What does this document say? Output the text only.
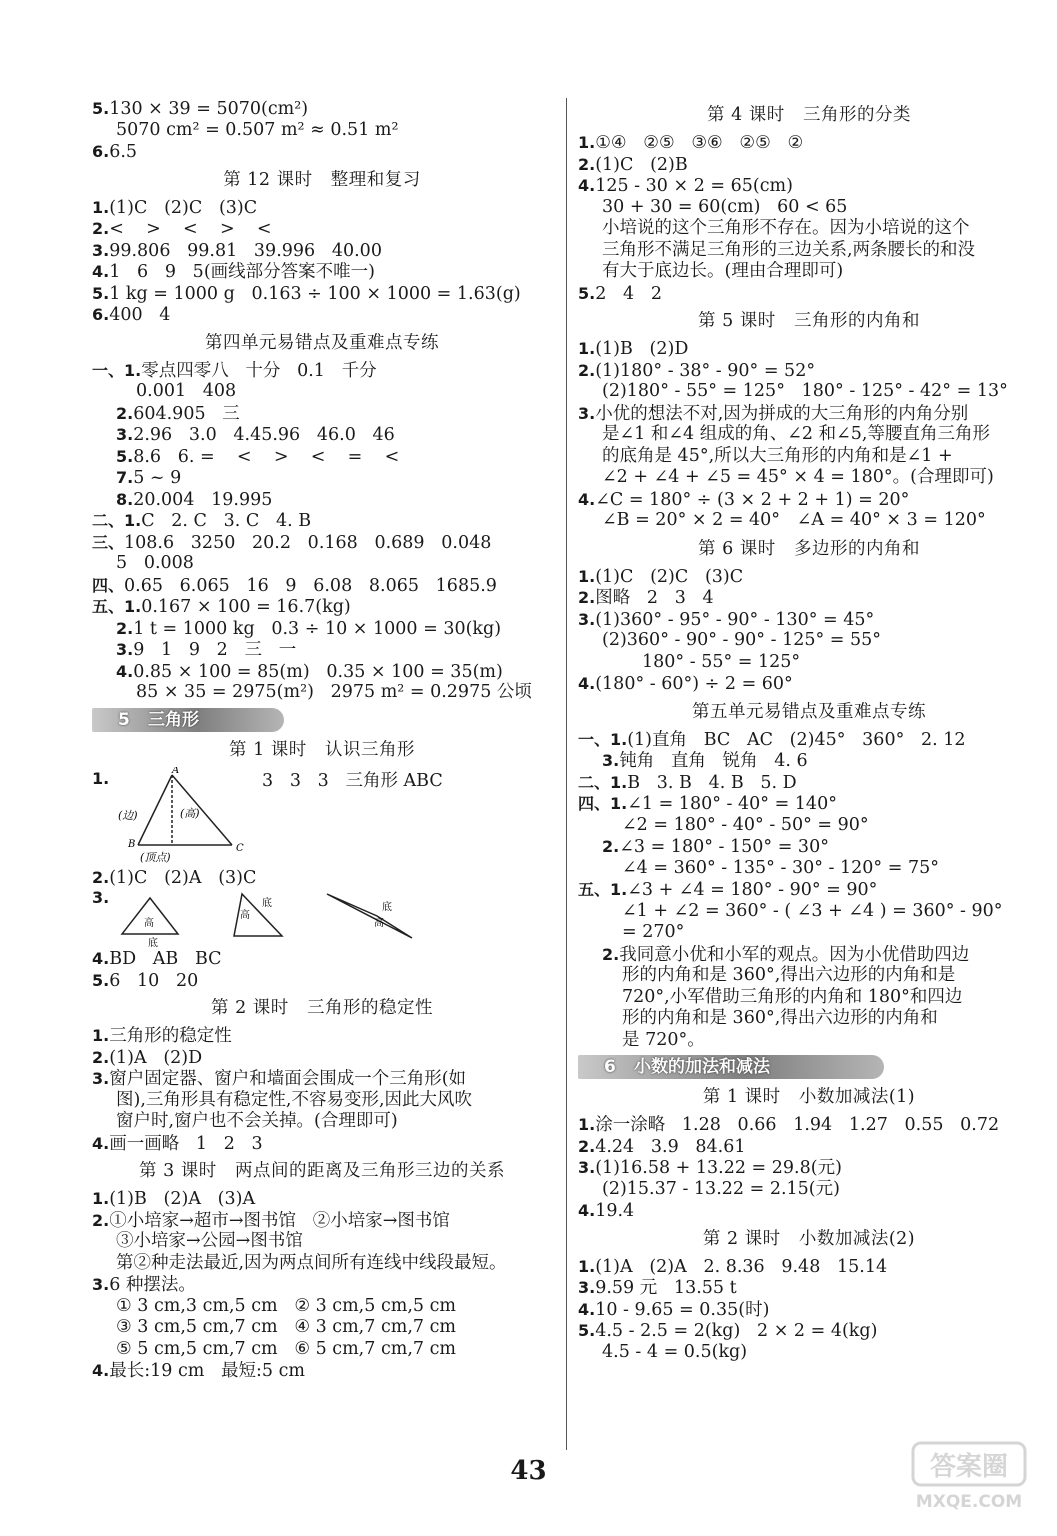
5.130 × 39 = 5070(cm²)
5070 cm² = 0.507 m² ≈ 0.51 m²
6.6.5
第 12 课时   整理和复习
1.(1)C   (2)C   (3)C
2.<    >    <    >    <
3.99.806   99.81   39.996   40.00
4.1   6   9   5(画线部分答案不唯一)
5.1 kg = 1000 g   0.163 ÷ 100 × 1000 = 1.63(g)
6.400   4
第四单元易错点及重难点专练
一、1.零点四零八   十分   0.1   千分
0.001   408
2.604.905   三
3.2.96   3.0   4.45.96   46.0   46
5.8.6   6. =    <    >    <    =    <
7.5 ~ 9
8.20.004   19.995
二、1.C   2. C   3. C   4. B
三、108.6   3250   20.2   0.168   0.689   0.048
5   0.008
四、0.65   6.065   16   9   6.08   8.065   1685.9
五、1.0.167 × 100 = 16.7(kg)
2.1 t = 1000 kg   0.3 ÷ 10 × 1000 = 30(kg)
3.9   1   9   2   三   一
4.0.85 × 100 = 85(m)   0.35 × 100 = 35(m)
85 × 35 = 2975(m²)   2975 m² = 0.2975 公顷
5 三角形
第 1 课时   认识三角形
1.	A
B	C
(边)	(高)
(顶点)
3   3   3   三角形 ABC
2.(1)C   (2)A   (3)C
3.
高
底
高
底
高
底
4.BD   AB   BC
5.6   10   20
第 2 课时   三角形的稳定性
1.三角形的稳定性
2.(1)A   (2)D
3.窗户固定器、窗户和墙面会围成一个三角形(如
图),三角形具有稳定性,不容易变形,因此大风吹
窗户时,窗户也不会关掉。(合理即可)
4.画一画略   1   2   3
第 3 课时   两点间的距离及三角形三边的关系
1.(1)B   (2)A   (3)A
2.①小培家→超市→图书馆   ②小培家→图书馆
③小培家→公园→图书馆
第②种走法最近,因为两点间所有连线中线段最短。
3.6 种摆法。
① 3 cm,3 cm,5 cm   ② 3 cm,5 cm,5 cm
③ 3 cm,5 cm,7 cm   ④ 3 cm,7 cm,7 cm
⑤ 5 cm,5 cm,7 cm   ⑥ 5 cm,7 cm,7 cm
4.最长:19 cm   最短:5 cm
第 4 课时   三角形的分类
1.①④   ②⑤   ③⑥   ②⑤   ②
2.(1)C   (2)B
4.125 - 30 × 2 = 65(cm)
30 + 30 = 60(cm)   60 < 65
小培说的这个三角形不存在。因为小培说的这个
三角形不满足三角形的三边关系,两条腰长的和没
有大于底边长。(理由合理即可)
5.2   4   2
第 5 课时   三角形的内角和
1.(1)B   (2)D
2.(1)180° - 38° - 90° = 52°
(2)180° - 55° = 125°   180° - 125° - 42° = 13°
3.小优的想法不对,因为拼成的大三角形的内角分别
是∠1 和∠4 组成的角、∠2 和∠5,等腰直角三角形
的底角是 45°,所以大三角形的内角和是∠1 +
∠2 + ∠4 + ∠5 = 45° × 4 = 180°。(合理即可)
4.∠C = 180° ÷ (3 × 2 + 2 + 1) = 20°
∠B = 20° × 2 = 40°   ∠A = 40° × 3 = 120°
第 6 课时   多边形的内角和
1.(1)C   (2)C   (3)C
2.图略   2   3   4
3.(1)360° - 95° - 90° - 130° = 45°
(2)360° - 90° - 90° - 125° = 55°
180° - 55° = 125°
4.(180° - 60°) ÷ 2 = 60°
第五单元易错点及重难点专练
一、1.(1)直角   BC   AC   (2)45°   360°   2. 12
3.钝角   直角   锐角   4. 6
二、1.B   3. B   4. B   5. D
四、1.∠1 = 180° - 40° = 140°
∠2 = 180° - 40° - 50° = 90°
2.∠3 = 180° - 150° = 30°
∠4 = 360° - 135° - 30° - 120° = 75°
五、1.∠3 + ∠4 = 180° - 90° = 90°
∠1 + ∠2 = 360° - ( ∠3 + ∠4 ) = 360° - 90°
= 270°
2.我同意小优和小军的观点。因为小优借助四边
形的内角和是 360°,得出六边形的内角和是
720°,小军借助三角形的内角和 180°和四边
形的内角和是 360°,得出六边形的内角和
是 720°。
6 小数的加法和减法
第 1 课时   小数加减法(1)
1.涂一涂略   1.28   0.66   1.94   1.27   0.55   0.72
2.4.24   3.9   84.61
3.(1)16.58 + 13.22 = 29.8(元)
(2)15.37 - 13.22 = 2.15(元)
4.19.4
第 2 课时   小数加减法(2)
1.(1)A   (2)A   2. 8.36   9.48   15.14
3.9.59 元   13.55 t
4.10 - 9.65 = 0.35(时)
5.4.5 - 2.5 = 2(kg)   2 × 2 = 4(kg)
4.5 - 4 = 0.5(kg)
43	答案圈
MXQE.COM
